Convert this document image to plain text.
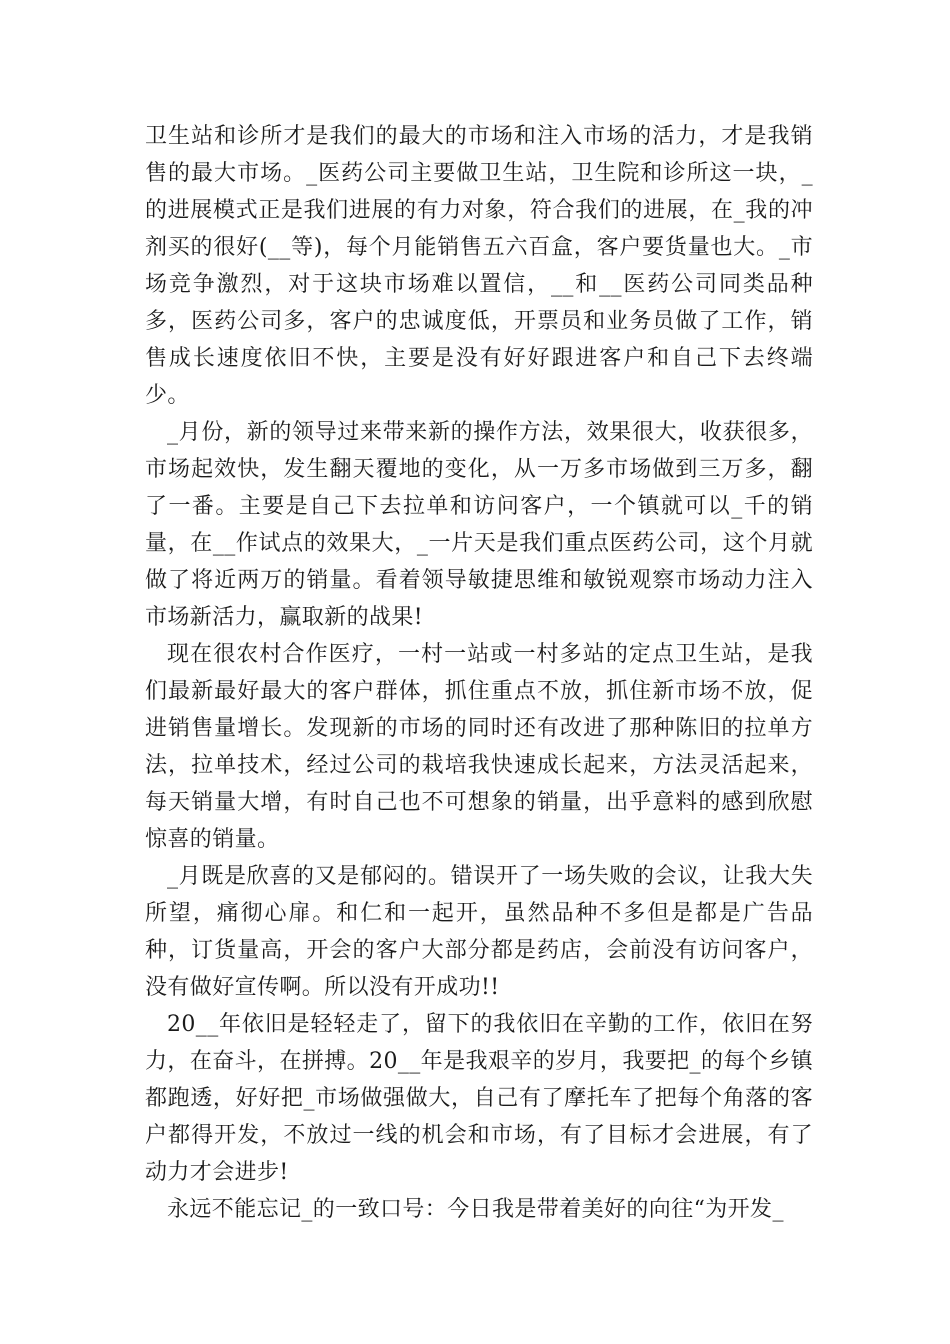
卫生站和诊所才是我们的最大的市场和注入市场的活力，才是我销售的最大市场。_医药公司主要做卫生站，卫生院和诊所这一块，_的进展模式正是我们进展的有力对象，符合我们的进展，在_我的冲剂买的很好(__等)，每个月能销售五六百盒，客户要货量也大。_市场竞争激烈，对于这块市场难以置信，__和__医药公司同类品种多，医药公司多，客户的忠诚度低，开票员和业务员做了工作，销售成长速度依旧不快，主要是没有好好跟进客户和自己下去终端少。

_月份，新的领导过来带来新的操作方法，效果很大，收获很多，市场起效快，发生翻天覆地的变化，从一万多市场做到三万多，翻了一番。主要是自己下去拉单和访问客户，一个镇就可以_千的销量，在__作试点的效果大，_一片天是我们重点医药公司，这个月就做了将近两万的销量。看着领导敏捷思维和敏锐观察市场动力注入市场新活力，赢取新的战果!

现在很农村合作医疗，一村一站或一村多站的定点卫生站，是我们最新最好最大的客户群体，抓住重点不放，抓住新市场不放，促进销售量增长。发现新的市场的同时还有改进了那种陈旧的拉单方法，拉单技术，经过公司的栽培我快速成长起来，方法灵活起来，每天销量大增，有时自己也不可想象的销量，出乎意料的感到欣慰惊喜的销量。

_月既是欣喜的又是郁闷的。错误开了一场失败的会议，让我大失所望，痛彻心扉。和仁和一起开，虽然品种不多但是都是广告品种，订货量高，开会的客户大部分都是药店，会前没有访问客户，没有做好宣传啊。所以没有开成功!!

20__年依旧是轻轻走了，留下的我依旧在辛勤的工作，依旧在努力，在奋斗，在拼搏。20__年是我艰辛的岁月，我要把_的每个乡镇都跑透，好好把_市场做强做大，自己有了摩托车了把每个角落的客户都得开发，不放过一线的机会和市场，有了目标才会进展，有了动力才会进步!

永远不能忘记_的一致口号：今日我是带着美好的向往“为开发_
